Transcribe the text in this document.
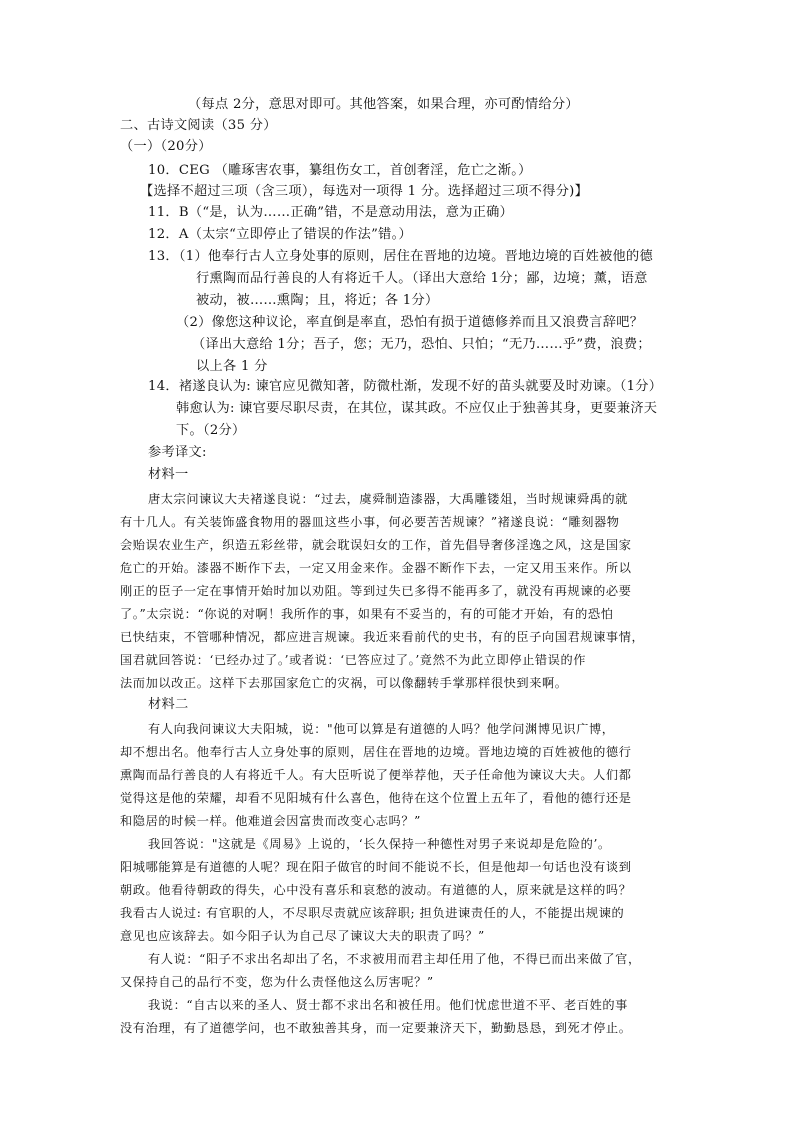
（每点 2分，意思对即可。其他答案，如果合理，亦可酌情给分）
二、古诗文阅读（35 分）
（一）（20分）
10．CEG （雕琢害农事，纂组伤女工，首创奢淫，危亡之渐。）
【选择不超过三项（含三项），每选对一项得 1 分。选择超过三项不得分)】
11．B（“是，认为……正确”错，不是意动用法，意为正确）
12．A（太宗“立即停止了错误的作法”错。）
13．（1）他奉行古人立身处事的原则，居住在晋地的边境。晋地边境的百姓被他的德
行熏陶而品行善良的人有将近千人。（译出大意给 1分；鄙，边境；薰，语意
被动，被……熏陶；且，将近；各 1分）
（2）像您这种议论，率直倒是率直，恐怕有损于道德修养而且又浪费言辞吧？
（译出大意给 1分；吾子，您；无乃，恐怕、只怕；“无乃……乎”费，浪费；
以上各 1 分
14．褚遂良认为: 谏官应见微知著，防微杜渐，发现不好的苗头就要及时劝谏。（1分）
韩愈认为: 谏官要尽职尽责，在其位，谋其政。不应仅止于独善其身，更要兼济天
下。（2分）
参考译文:
材料一
唐太宗问谏议大夫褚遂良说：“过去，虞舜制造漆器，大禹雕镂俎，当时规谏舜禹的就
有十几人。有关装饰盛食物用的器皿这些小事，何必要苦苦规谏？”褚遂良说：“雕刻器物
会贻误农业生产，织造五彩丝带，就会耽误妇女的工作，首先倡导奢侈淫逸之风，这是国家
危亡的开始。漆器不断作下去，一定又用金来作。金器不断作下去，一定又用玉来作。所以
刚正的臣子一定在事情开始时加以劝阻。等到过失已多得不能再多了，就没有再规谏的必要
了。”太宗说：“你说的对啊！我所作的事，如果有不妥当的，有的可能才开始，有的恐怕
已快结束，不管哪种情况，都应进言规谏。我近来看前代的史书，有的臣子向国君规谏事情，
国君就回答说：‘已经办过了。’或者说：‘已答应过了。’竟然不为此立即停止错误的作
法而加以改正。这样下去那国家危亡的灾祸，可以像翻转手掌那样很快到来啊。
材料二
有人向我问谏议大夫阳城，说："他可以算是有道德的人吗？他学问渊博见识广博，
却不想出名。他奉行古人立身处事的原则，居住在晋地的边境。晋地边境的百姓被他的德行
熏陶而品行善良的人有将近千人。有大臣听说了便举荐他，天子任命他为谏议大夫。人们都
觉得这是他的荣耀，却看不见阳城有什么喜色，他待在这个位置上五年了，看他的德行还是
和隐居的时候一样。他难道会因富贵而改变心志吗？”
我回答说："这就是《周易》上说的，‘长久保持一种德性对男子来说却是危险的’。
阳城哪能算是有道德的人呢？现在阳子做官的时间不能说不长，但是他却一句话也没有谈到
朝政。他看待朝政的得失，心中没有喜乐和哀愁的波动。有道德的人，原来就是这样的吗？
我看古人说过: 有官职的人，不尽职尽责就应该辞职; 担负进谏责任的人，不能提出规谏的
意见也应该辞去。如今阳子认为自己尽了谏议大夫的职责了吗？”
有人说：“阳子不求出名却出了名，不求被用而君主却任用了他，不得已而出来做了官，
又保持自己的品行不变，您为什么责怪他这么厉害呢？”
我说：“自古以来的圣人、贤士都不求出名和被任用。他们忧虑世道不平、老百姓的事
没有治理，有了道德学问，也不敢独善其身，而一定要兼济天下，勤勤恳恳，到死才停止。
